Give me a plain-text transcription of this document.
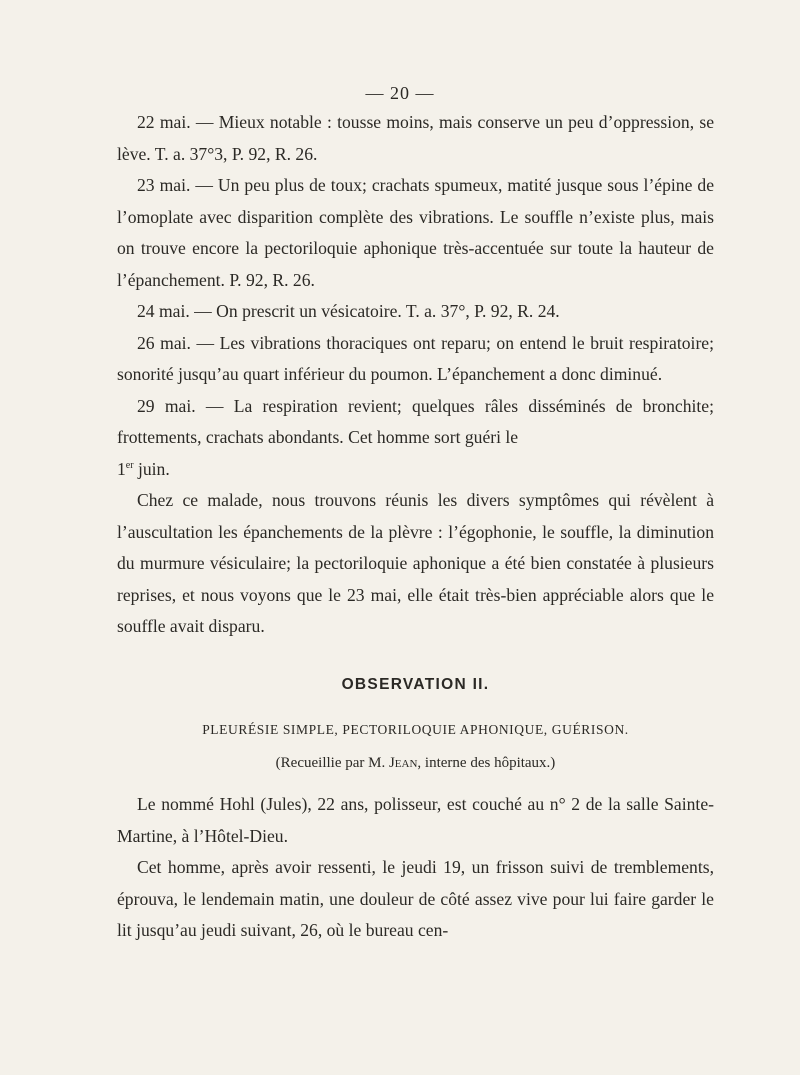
— 20 —

22 mai. — Mieux notable : tousse moins, mais conserve un peu d’oppression, se lève. T. a. 37°3, P. 92, R. 26.

23 mai. — Un peu plus de toux; crachats spumeux, matité jusque sous l’épine de l’omoplate avec disparition complète des vibrations. Le souffle n’existe plus, mais on trouve encore la pectoriloquie aphonique très-accentuée sur toute la hauteur de l’épanchement. P. 92, R. 26.

24 mai. — On prescrit un vésicatoire. T. a. 37°, P. 92, R. 24.

26 mai. — Les vibrations thoraciques ont reparu; on entend le bruit respiratoire; sonorité jusqu’au quart inférieur du poumon. L’épanchement a donc diminué.

29 mai. — La respiration revient; quelques râles disséminés de bronchite; frottements, crachats abondants. Cet homme sort guéri le

1er juin.

Chez ce malade, nous trouvons réunis les divers symptômes qui révèlent à l’auscultation les épanchements de la plèvre : l’égophonie, le souffle, la diminution du murmure vésiculaire; la pectoriloquie aphonique a été bien constatée à plusieurs reprises, et nous voyons que le 23 mai, elle était très-bien appréciable alors que le souffle avait disparu.

OBSERVATION II.

PLEURÉSIE SIMPLE, PECTORILOQUIE APHONIQUE, GUÉRISON.

(Recueillie par M. Jean, interne des hôpitaux.)

Le nommé Hohl (Jules), 22 ans, polisseur, est couché au n° 2 de la salle Sainte-Martine, à l’Hôtel-Dieu.

Cet homme, après avoir ressenti, le jeudi 19, un frisson suivi de tremblements, éprouva, le lendemain matin, une douleur de côté assez vive pour lui faire garder le lit jusqu’au jeudi suivant, 26, où le bureau cen-
